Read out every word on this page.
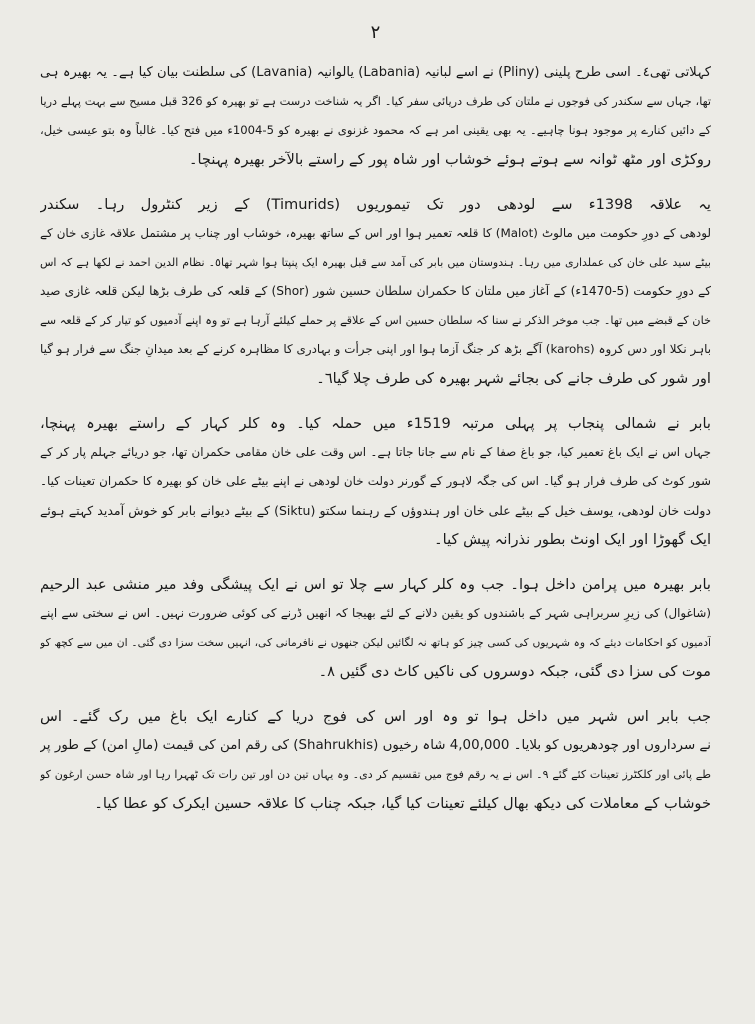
٢
کہلاتی تھی٤۔ اسی طرح پلینی (Pliny) نے اسے لبانیہ (Labania) یالوانیہ (Lavania) کی سلطنت بیان کیا ہے۔ یہ بھیرہ ہی
تھا، جہاں سے سکندر کی فوجوں نے ملتان کی طرف دریائی سفر کیا۔ اگر یہ شناخت درست ہے تو بھیرہ کو 326 قبل مسیح سے بہت پہلے دریا
کے دائیں کنارے پر موجود ہونا چاہیے۔ یہ بھی یقینی امر ہے کہ محمود غزنوی نے بھیرہ کو 5-1004ء میں فتح کیا۔ غالباً وہ بتو عیسی خیل،
روکڑی اور مٹھ ٹوانہ سے ہوتے ہوئے خوشاب اور شاہ پور کے راستے بالآخر بھیرہ پہنچا۔
یہ علاقہ 1398ء سے لودھی دور تک تیموریوں (Timurids) کے زیر کنٹرول رہا۔ سکندر
لودھی کے دورِ حکومت میں مالوٹ (Malot) کا قلعہ تعمیر ہوا اور اس کے ساتھ بھیرہ، خوشاب اور چناب پر مشتمل علاقہ غازی خان کے
بیٹے سید علی خان کی عملداری میں رہا۔ ہندوستان میں بابر کی آمد سے قبل بھیرہ ایک پنپتا ہوا شہر تھا٥۔ نظام الدین احمد نے لکھا ہے کہ اس
کے دورِ حکومت (5-1470ء) کے آغاز میں ملتان کا حکمران سلطان حسین شور (Shor) کے قلعہ کی طرف بڑھا لیکن قلعہ غازی صید
خان کے قبضے میں تھا۔ جب موخر الذکر نے سنا کہ سلطان حسین اس کے علاقے پر حملے کیلئے آرہا ہے تو وہ اپنے آدمیوں کو تیار کر کے قلعہ سے
باہر نکلا اور دس کروہ (karohs) آگے بڑھ کر جنگ آزما ہوا اور اپنی جرأت و بہادری کا مظاہرہ کرنے کے بعد میدانِ جنگ سے فرار ہو گیا
اور شور کی طرف جانے کی بجائے شہر بھیرہ کی طرف چلا گیا٦۔
بابر نے شمالی پنجاب پر پہلی مرتبہ 1519ء میں حملہ کیا۔ وہ کلر کہار کے راستے بھیرہ پہنچا،
جہاں اس نے ایک باغ تعمیر کیا، جو باغ صفا کے نام سے جانا جاتا ہے۔ اس وقت علی خان مقامی حکمران تھا، جو دریائے جہلم پار کر کے
شور کوٹ کی طرف فرار ہو گیا۔ اس کی جگہ لاہور کے گورنر دولت خان لودھی نے اپنے بیٹے علی خان کو بھیرہ کا حکمران تعینات کیا۔
دولت خان لودھی، یوسف خیل کے بیٹے علی خان اور ہندوؤں کے رہنما سکتو (Siktu) کے بیٹے دیوانے بابر کو خوش آمدید کہتے ہوئے
ایک گھوڑا اور ایک اونٹ بطور نذرانہ پیش کیا۔
بابر بھیرہ میں پرامن داخل ہوا۔ جب وہ کلر کہار سے چلا تو اس نے ایک پیشگی وفد میر منشی عبد الرحیم
(شاغوال) کی زیرِ سربراہی شہر کے باشندوں کو یقین دلانے کے لئے بھیجا کہ انھیں ڈرنے کی کوئی ضرورت نہیں۔ اس نے سختی سے اپنے
آدمیوں کو احکامات دیئے کہ وہ شہریوں کی کسی چیز کو ہاتھ نہ لگائیں لیکن جنھوں نے نافرمانی کی، انہیں سخت سزا دی گئی۔ ان میں سے کچھ کو
موت کی سزا دی گئی، جبکہ دوسروں کی ناکیں کاٹ دی گئیں ٨۔
جب بابر اس شہر میں داخل ہوا تو وہ اور اس کی فوج دریا کے کنارے ایک باغ میں رک گئے۔ اس
نے سرداروں اور چودھریوں کو بلایا۔ 4,00,000 شاہ رخیوں (Shahrukhis) کی رقم امن کی قیمت (مالِ امن) کے طور پر
طے پائی اور کلکٹرز تعینات کئے گئے ٩۔ اس نے یہ رقم فوج میں تقسیم کر دی۔ وہ یہاں تین دن اور تین رات تک ٹھہرا رہا اور شاہ حسن ارغون کو
خوشاب کے معاملات کی دیکھ بھال کیلئے تعینات کیا گیا، جبکہ چناب کا علاقہ حسین ایکرک کو عطا کیا۔
